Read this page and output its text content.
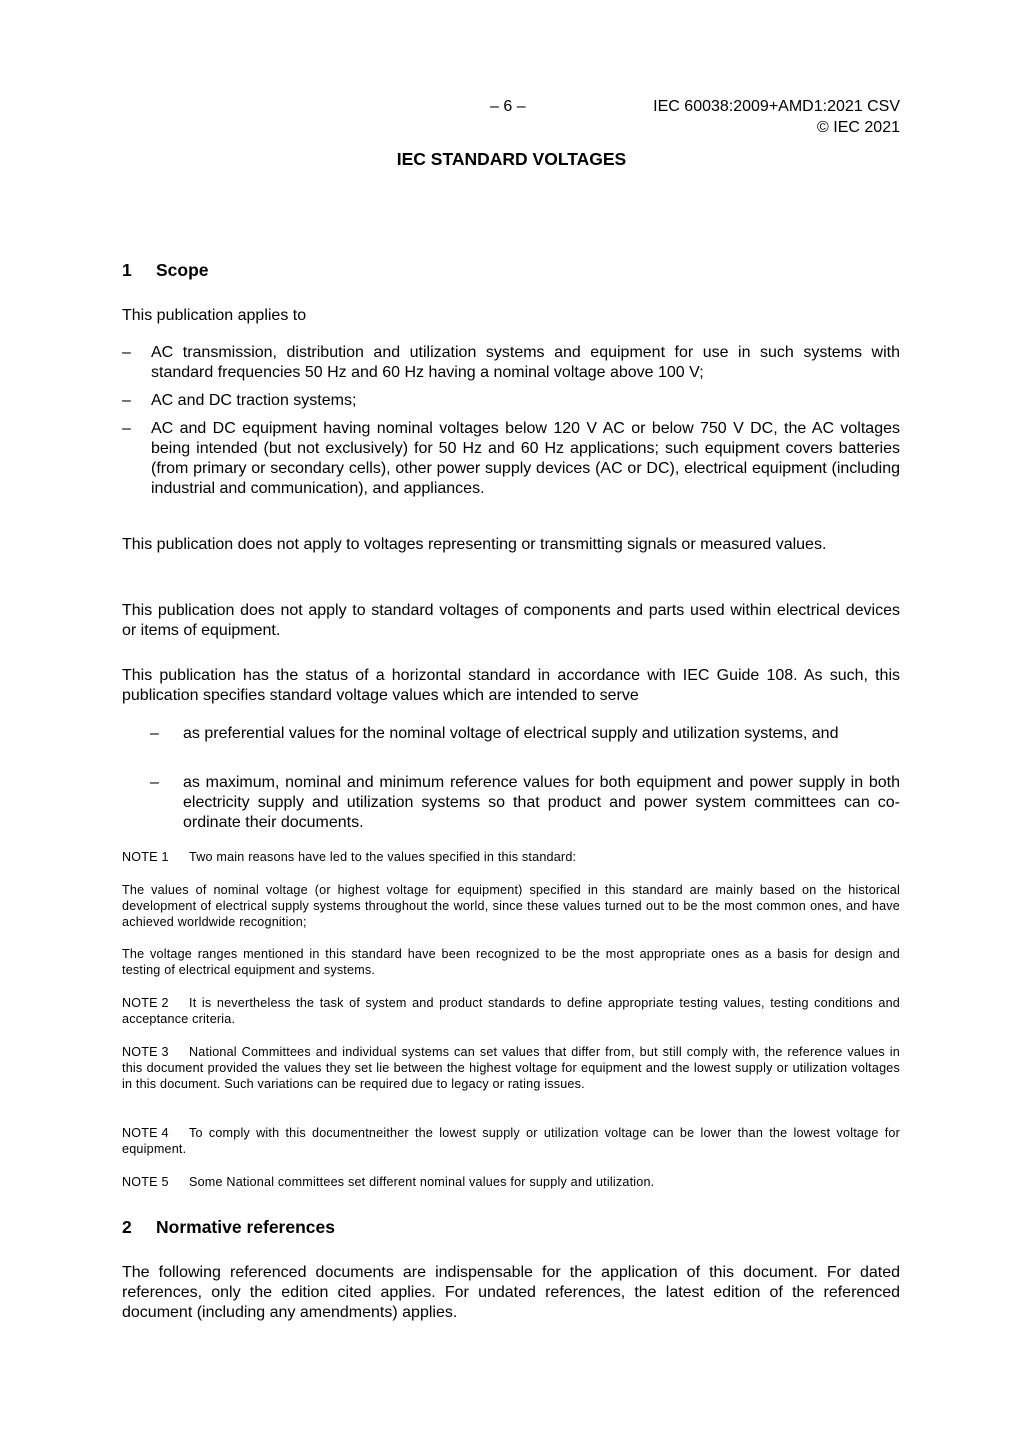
– 6 –	IEC 60038:2009+AMD1:2021 CSV
© IEC 2021
IEC STANDARD VOLTAGES
1 Scope
This publication applies to
–	AC transmission, distribution and utilization systems and equipment for use in such systems with standard frequencies 50 Hz and 60 Hz having a nominal voltage above 100 V;
–	AC and DC traction systems;
–	AC and DC equipment having nominal voltages below 120 V AC or below 750 V DC, the AC voltages being intended (but not exclusively) for 50 Hz and 60 Hz applications; such equipment covers batteries (from primary or secondary cells), other power supply devices (AC or DC), electrical equipment (including industrial and communication), and appliances.
This publication does not apply to voltages representing or transmitting signals or measured values.
This publication does not apply to standard voltages of components and parts used within electrical devices or items of equipment.
This publication has the status of a horizontal standard in accordance with IEC Guide 108. As such, this publication specifies standard voltage values which are intended to serve
–	as preferential values for the nominal voltage of electrical supply and utilization systems, and
–	as maximum, nominal and minimum reference values for both equipment and power supply in both electricity supply and utilization systems so that product and power system committees can co-ordinate their documents.

NOTE 1 Two main reasons have led to the values specified in this standard:

The values of nominal voltage (or highest voltage for equipment) specified in this standard are mainly based on the historical development of electrical supply systems throughout the world, since these values turned out to be the most common ones, and have achieved worldwide recognition;

The voltage ranges mentioned in this standard have been recognized to be the most appropriate ones as a basis for design and testing of electrical equipment and systems.

NOTE 2 It is nevertheless the task of system and product standards to define appropriate testing values, testing conditions and acceptance criteria.

NOTE 3 National Committees and individual systems can set values that differ from, but still comply with, the reference values in this document provided the values they set lie between the highest voltage for equipment and the lowest supply or utilization voltages in this document. Such variations can be required due to legacy or rating issues.

NOTE 4 To comply with this documentneither the lowest supply or utilization voltage can be lower than the lowest voltage for equipment.

NOTE 5 Some National committees set different nominal values for supply and utilization.

2 Normative references
The following referenced documents are indispensable for the application of this document. For dated references, only the edition cited applies. For undated references, the latest edition of the referenced document (including any amendments) applies.
